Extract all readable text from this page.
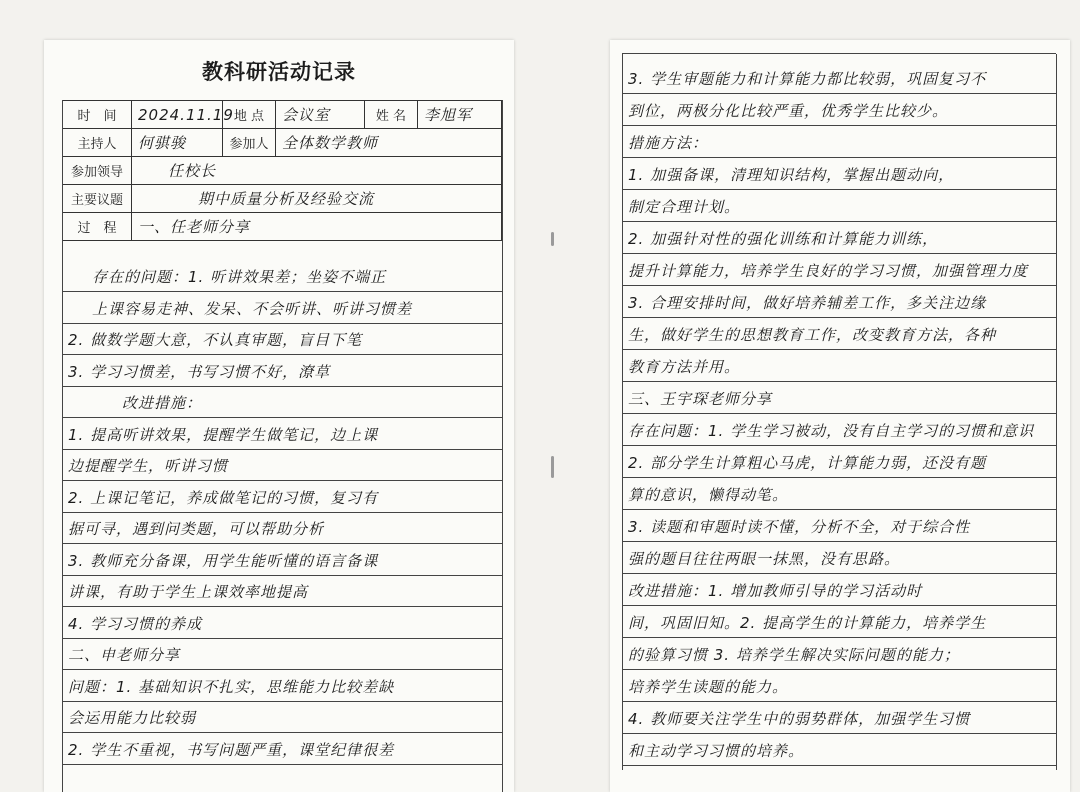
教科研活动记录
时　间	2024.11.19	地 点	会议室	姓 名	李旭军
主持人	何骐骏	参加人	全体数学教师		
参加领导	任校长				
主要议题	期中质量分析及经验交流				
过　程	一、任老师分享				
存在的问题：1. 听讲效果差；坐姿不端正
上课容易走神、发呆、不会听讲、听讲习惯差
2. 做数学题大意，不认真审题，盲目下笔
3. 学习习惯差，书写习惯不好，潦草
改进措施：
1. 提高听讲效果，提醒学生做笔记，边上课
边提醒学生，听讲习惯
2. 上课记笔记，养成做笔记的习惯，复习有
据可寻，遇到问类题，可以帮助分析
3. 教师充分备课，用学生能听懂的语言备课
讲课，有助于学生上课效率地提高
4. 学习习惯的养成
二、申老师分享
问题：1. 基础知识不扎实，思维能力比较差缺
会运用能力比较弱
2. 学生不重视，书写问题严重，课堂纪律很差
3. 学生审题能力和计算能力都比较弱，巩固复习不
到位，两极分化比较严重，优秀学生比较少。
措施方法：
1. 加强备课，清理知识结构，掌握出题动向，
制定合理计划。
2. 加强针对性的强化训练和计算能力训练，
提升计算能力，培养学生良好的学习习惯，加强管理力度
3. 合理安排时间，做好培养辅差工作，多关注边缘
生，做好学生的思想教育工作，改变教育方法，各种
教育方法并用。
三、王宇琛老师分享
存在问题：1. 学生学习被动，没有自主学习的习惯和意识
2. 部分学生计算粗心马虎，计算能力弱，还没有题
算的意识，懒得动笔。
3. 读题和审题时读不懂，分析不全，对于综合性
强的题目往往两眼一抹黑，没有思路。
改进措施：1. 增加教师引导的学习活动时
间，巩固旧知。2. 提高学生的计算能力，培养学生
的验算习惯 3. 培养学生解决实际问题的能力；
培养学生读题的能力。
4. 教师要关注学生中的弱势群体，加强学生习惯
和主动学习习惯的培养。
